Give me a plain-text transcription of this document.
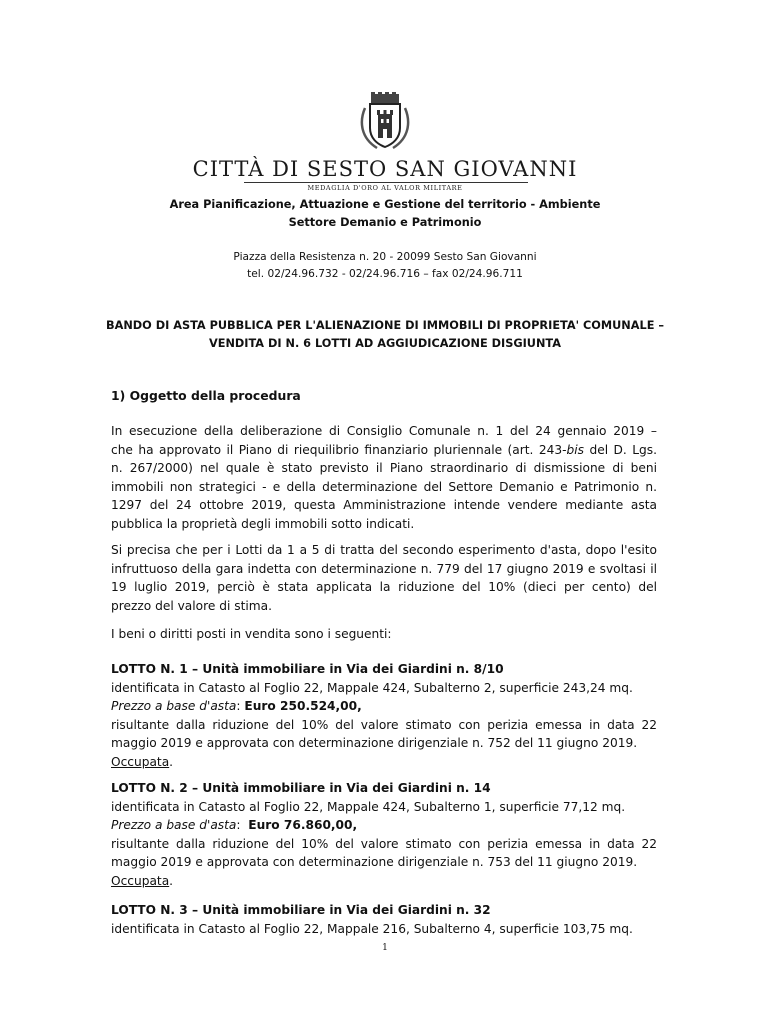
CITTÀ DI SESTO SAN GIOVANNI
MEDAGLIA D'ORO AL VALOR MILITARE
Area Pianificazione, Attuazione e Gestione del territorio - Ambiente
Settore Demanio e Patrimonio
Piazza della Resistenza n. 20 - 20099 Sesto San Giovanni
tel. 02/24.96.732 - 02/24.96.716 – fax 02/24.96.711
BANDO DI ASTA PUBBLICA PER L'ALIENAZIONE DI IMMOBILI DI PROPRIETA' COMUNALE –
VENDITA DI N. 6 LOTTI AD AGGIUDICAZIONE DISGIUNTA
1) Oggetto della procedura
In esecuzione della deliberazione di Consiglio Comunale n. 1 del 24 gennaio 2019 –
che ha approvato il Piano di riequilibrio finanziario pluriennale (art. 243-bis del D. Lgs.
n. 267/2000) nel quale è stato previsto il Piano straordinario di dismissione di beni
immobili non strategici - e della determinazione del Settore Demanio e Patrimonio n.
1297 del 24 ottobre 2019, questa Amministrazione intende vendere mediante asta
pubblica la proprietà degli immobili sotto indicati.
Si precisa che per i Lotti da 1 a 5 di tratta del secondo esperimento d'asta, dopo l'esito
infruttuoso della gara indetta con determinazione n. 779 del 17 giugno 2019 e svoltasi il
19 luglio 2019, perciò è stata applicata la riduzione del 10% (dieci per cento) del
prezzo del valore di stima.
I beni o diritti posti in vendita sono i seguenti:
LOTTO N. 1 – Unità immobiliare in Via dei Giardini n. 8/10
identificata in Catasto al Foglio 22, Mappale 424, Subalterno 2, superficie 243,24 mq.
Prezzo a base d'asta: Euro 250.524,00,
risultante dalla riduzione del 10% del valore stimato con perizia emessa in data 22
maggio 2019 e approvata con determinazione dirigenziale n. 752 del 11 giugno 2019.
Occupata.
LOTTO N. 2 – Unità immobiliare in Via dei Giardini n. 14
identificata in Catasto al Foglio 22, Mappale 424, Subalterno 1, superficie 77,12 mq.
Prezzo a base d'asta:  Euro 76.860,00,
risultante dalla riduzione del 10% del valore stimato con perizia emessa in data 22
maggio 2019 e approvata con determinazione dirigenziale n. 753 del 11 giugno 2019.
Occupata.
LOTTO N. 3 – Unità immobiliare in Via dei Giardini n. 32
identificata in Catasto al Foglio 22, Mappale 216, Subalterno 4, superficie 103,75 mq.
1
